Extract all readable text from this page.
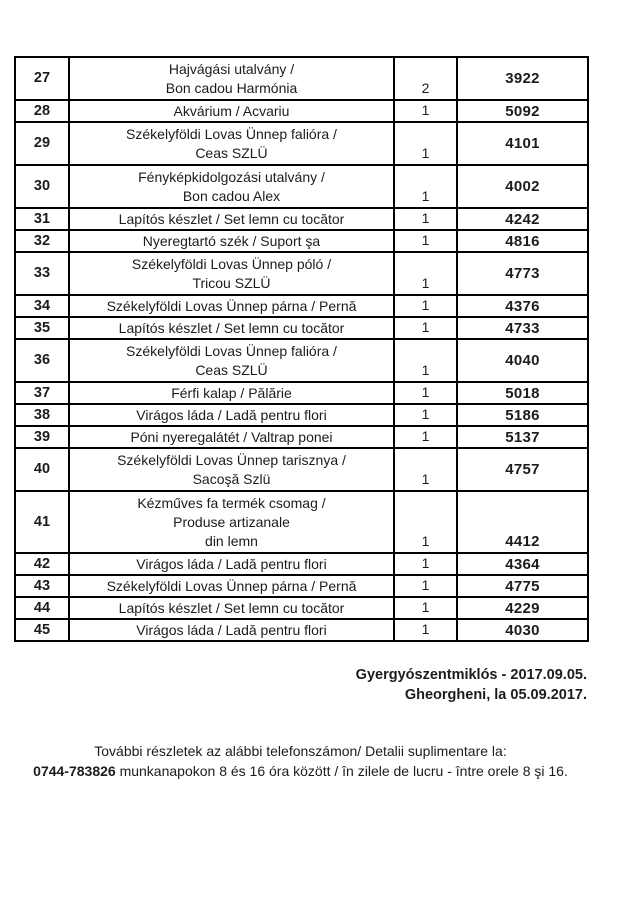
27	Hajvágási utalvány /
Bon cadou Harmónia	2	3922
28	Akvárium / Acvariu	1	5092
29	Székelyföldi Lovas Ünnep falióra /
Ceas SZLÜ	1	4101
30	Fényképkidolgozási utalvány /
Bon cadou Alex	1	4002
31	Lapítós készlet / Set lemn cu tocător	1	4242
32	Nyeregtartó szék / Suport şa	1	4816
33	Székelyföldi Lovas Ünnep póló /
Tricou SZLÜ	1	4773
34	Székelyföldi Lovas Ünnep párna / Pernă	1	4376
35	Lapítós készlet / Set lemn cu tocător	1	4733
36	Székelyföldi Lovas Ünnep falióra /
Ceas SZLÜ	1	4040
37	Férfi kalap / Pălărie	1	5018
38	Virágos láda / Ladă pentru flori	1	5186
39	Póni nyeregalátét / Valtrap ponei	1	5137
40	Székelyföldi Lovas Ünnep tarisznya /
Sacoşă Szlü	1	4757
41	Kézműves fa termék csomag /
Produse artizanale
din lemn	1	4412
42	Virágos láda / Ladă pentru flori	1	4364
43	Székelyföldi Lovas Ünnep párna / Pernă	1	4775
44	Lapítós készlet / Set lemn cu tocător	1	4229
45	Virágos láda / Ladă pentru flori	1	4030
Gyergyószentmiklós - 2017.09.05.
Gheorgheni, la 05.09.2017.
További részletek az alábbi telefonszámon/ Detalii suplimentare la:
0744-783826 munkanapokon 8 és 16 óra között / în zilele de lucru - între orele 8 şi 16.
